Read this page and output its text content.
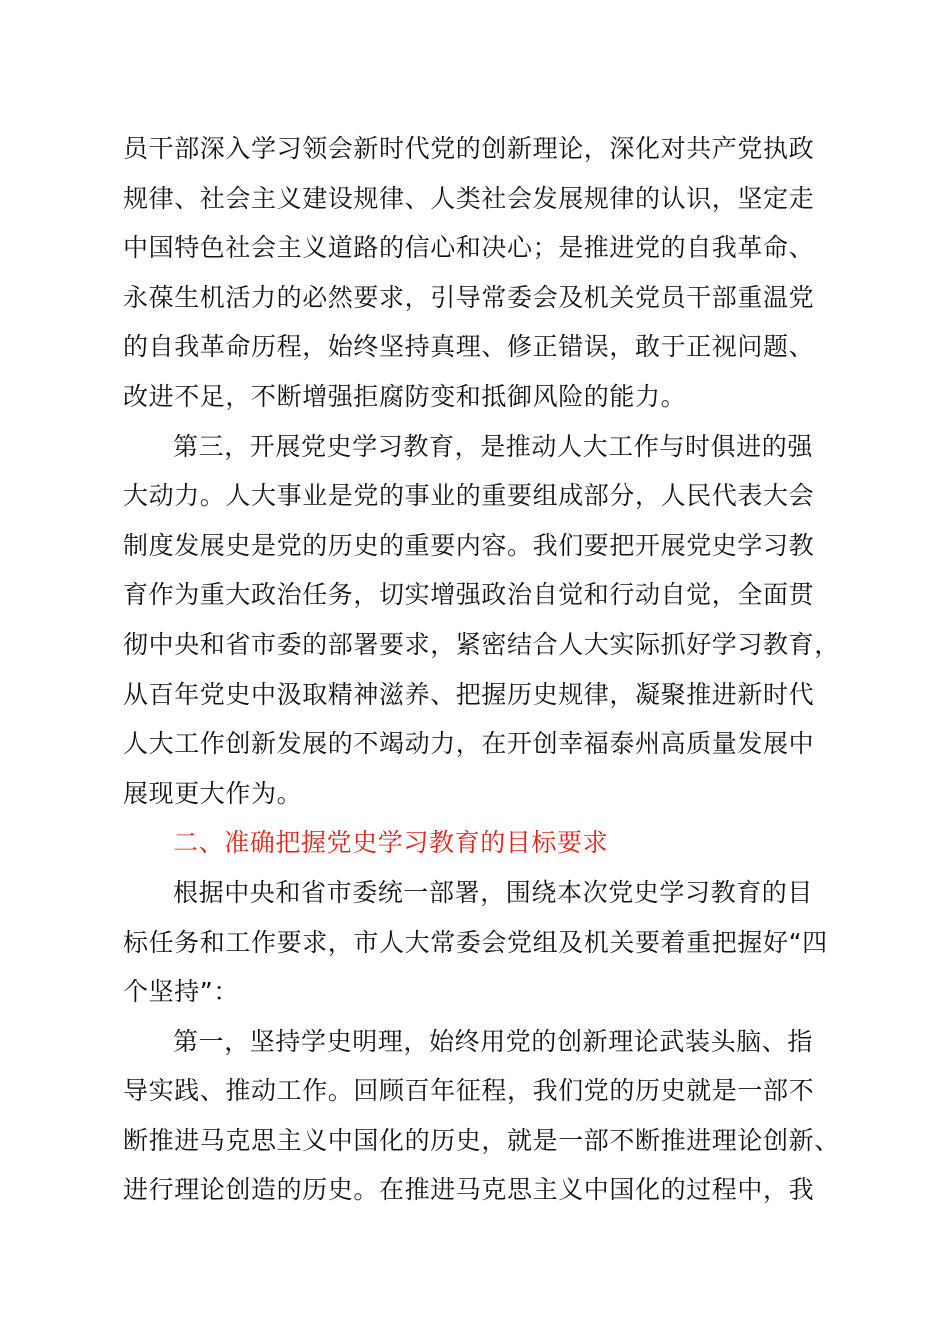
员干部深入学习领会新时代党的创新理论，深化对共产党执政
规律、社会主义建设规律、人类社会发展规律的认识，坚定走
中国特色社会主义道路的信心和决心；是推进党的自我革命、
永葆生机活力的必然要求，引导常委会及机关党员干部重温党
的自我革命历程，始终坚持真理、修正错误，敢于正视问题、
改进不足，不断增强拒腐防变和抵御风险的能力。
第三，开展党史学习教育，是推动人大工作与时俱进的强
大动力。人大事业是党的事业的重要组成部分，人民代表大会
制度发展史是党的历史的重要内容。我们要把开展党史学习教
育作为重大政治任务，切实增强政治自觉和行动自觉，全面贯
彻中央和省市委的部署要求，紧密结合人大实际抓好学习教育，
从百年党史中汲取精神滋养、把握历史规律，凝聚推进新时代
人大工作创新发展的不竭动力，在开创幸福泰州高质量发展中
展现更大作为。
二、准确把握党史学习教育的目标要求
根据中央和省市委统一部署，围绕本次党史学习教育的目
标任务和工作要求，市人大常委会党组及机关要着重把握好“四
个坚持”：
第一，坚持学史明理，始终用党的创新理论武装头脑、指
导实践、推动工作。回顾百年征程，我们党的历史就是一部不
断推进马克思主义中国化的历史，就是一部不断推进理论创新、
进行理论创造的历史。在推进马克思主义中国化的过程中，我
